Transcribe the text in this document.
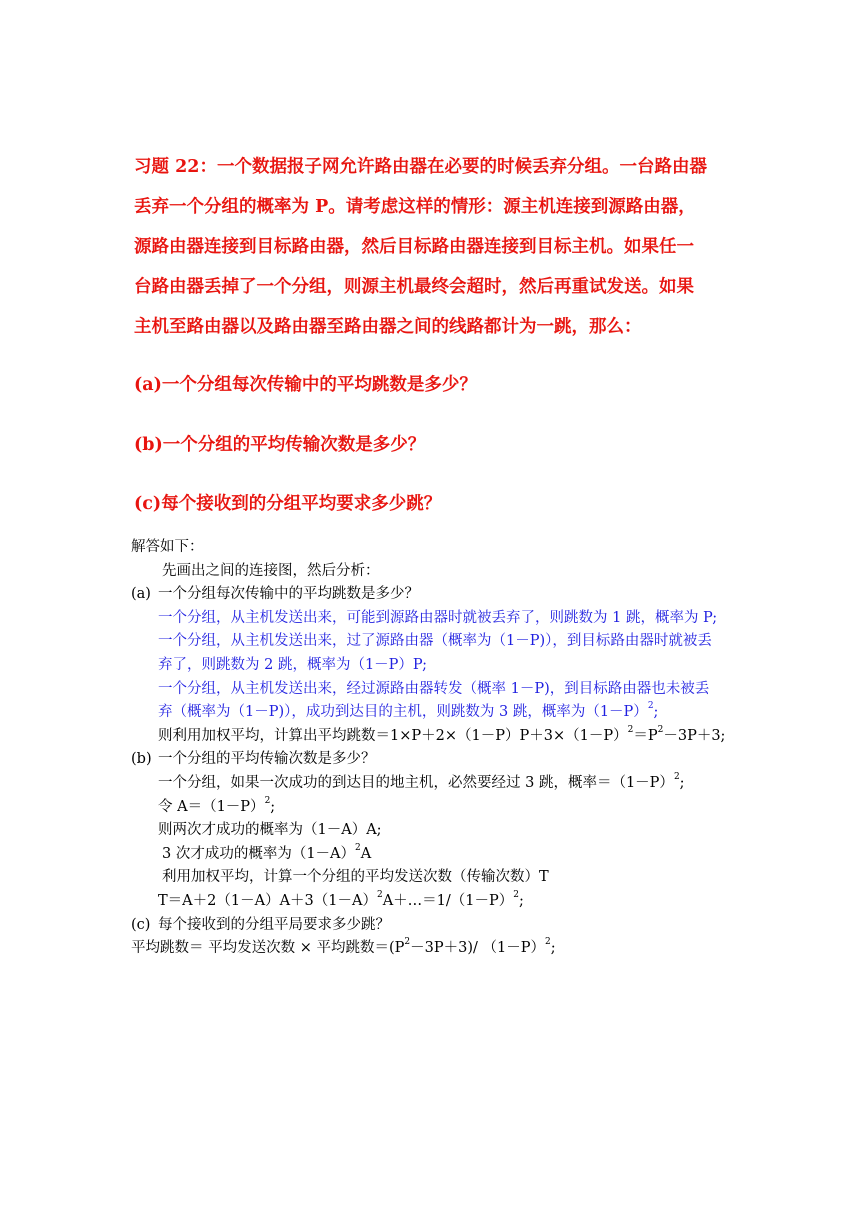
习题 22：一个数据报子网允许路由器在必要的时候丢弃分组。一台路由器
丢弃一个分组的概率为 P。请考虑这样的情形：源主机连接到源路由器，
源路由器连接到目标路由器，然后目标路由器连接到目标主机。如果任一
台路由器丢掉了一个分组，则源主机最终会超时，然后再重试发送。如果
主机至路由器以及路由器至路由器之间的线路都计为一跳，那么：
(a)一个分组每次传输中的平均跳数是多少？
(b)一个分组的平均传输次数是多少？
(c)每个接收到的分组平均要求多少跳？

解答如下：

先画出之间的连接图，然后分析：

(a) 一个分组每次传输中的平均跳数是多少？

一个分组，从主机发送出来，可能到源路由器时就被丢弃了，则跳数为 1 跳，概率为 P;

一个分组，从主机发送出来，过了源路由器（概率为（1－P)），到目标路由器时就被丢

弃了，则跳数为 2 跳，概率为（1－P）P;

一个分组，从主机发送出来，经过源路由器转发（概率 1－P)，到目标路由器也未被丢

弃（概率为（1－P)），成功到达目的主机，则跳数为 3 跳，概率为$(1-P)^2$;

则利用加权平均，计算出平均跳数$=1\times P+2\times(1-P)P+3\times(1-P)^2=P^2-3P+3$;

(b) 一个分组的平均传输次数是多少？

一个分组，如果一次成功的到达目的地主机，必然要经过 3 跳，概率$=(1-P)^2$;

令 $A=(1-P)^2$;

则两次才成功的概率为（1－A）A;

3 次才成功的概率为$(1-A)^2A$

利用加权平均，计算一个分组的平均发送次数（传输次数）T

$T=A+2(1-A)A+3(1-A)^2A+\dots=1/(1-P)^2$;

(c) 每个接收到的分组平局要求多少跳？

平均跳数＝ 平均发送次数 × 平均跳数$=(P^2-3P+3)/$ $(1-P)^2$;
